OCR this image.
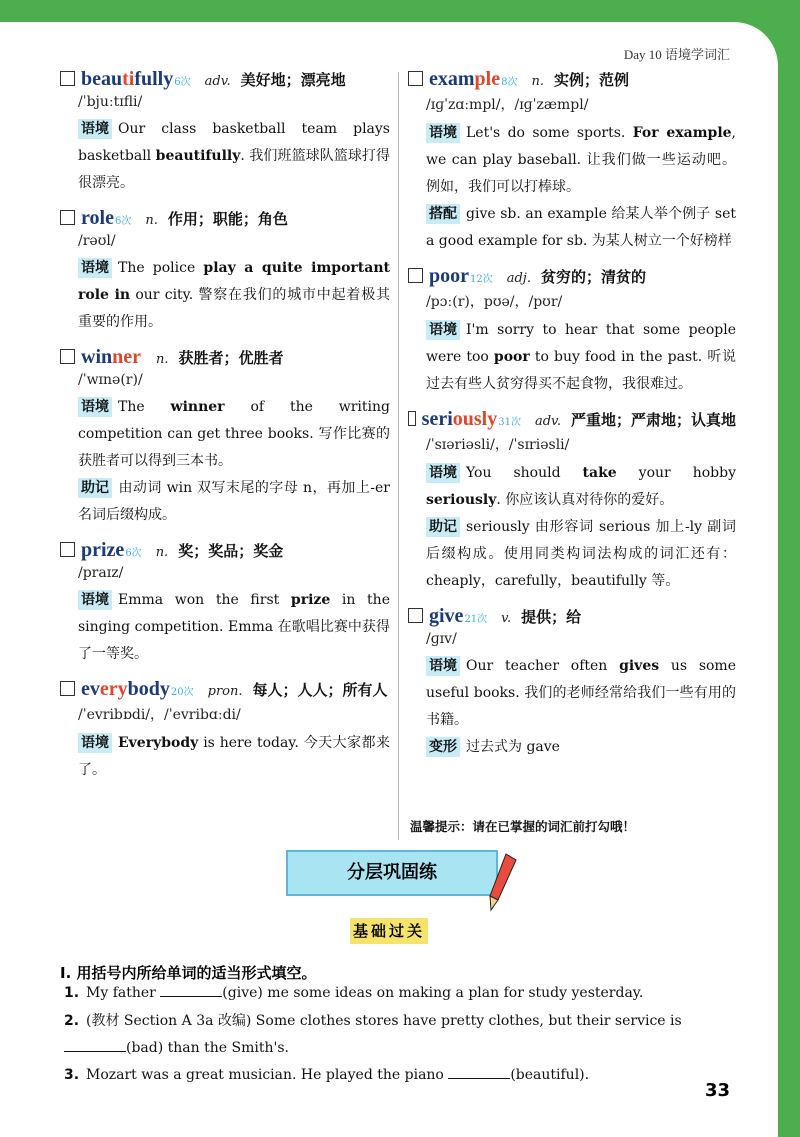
Day 10 语境学词汇
beautifully 6次 adv. 美好地；漂亮地
/ˈbjuːtɪfli/
语境 Our class basketball team plays basketball beautifully. 我们班篮球队篮球打得很漂亮。
role 6次 n. 作用；职能；角色
/rəʊl/
语境 The police play a quite important role in our city. 警察在我们的城市中起着极其重要的作用。
winner n. 获胜者；优胜者
/ˈwɪnə(r)/
语境 The winner of the writing competition can get three books. 写作比赛的获胜者可以得到三本书。
助记 由动词 win 双写末尾的字母 n，再加上-er 名词后缀构成。
prize 6次 n. 奖；奖品；奖金
/praɪz/
语境 Emma won the first prize in the singing competition. Emma 在歌唱比赛中获得了一等奖。
everybody 20次 pron. 每人；人人；所有人
/ˈevribɒdi/，/ˈevribɑːdi/
语境 Everybody is here today. 今天大家都来了。
example 8次 n. 实例；范例
/ɪɡˈzɑːmpl/，/ɪɡˈzæmpl/
语境 Let's do some sports. For example, we can play baseball. 让我们做一些运动吧。例如，我们可以打棒球。
搭配 give sb. an example 给某人举个例子 set a good example for sb. 为某人树立一个好榜样
poor 12次 adj. 贫穷的；清贫的
/pɔː(r)，pʊə/，/pʊr/
语境 I'm sorry to hear that some people were too poor to buy food in the past. 听说过去有些人贫穷得买不起食物，我很难过。
seriously 31次 adv. 严重地；严肃地；认真地
/ˈsɪəriəsli/，/ˈsɪriəsli/
语境 You should take your hobby seriously. 你应该认真对待你的爱好。
助记 seriously 由形容词 serious 加上-ly 副词后缀构成。使用同类构词法构成的词汇还有：cheaply，carefully，beautifully 等。
give 21次 v. 提供；给
/ɡɪv/
语境 Our teacher often gives us some useful books. 我们的老师经常给我们一些有用的书籍。
变形 过去式为 gave
温馨提示：请在已掌握的词汇前打勾哦！
分层巩固练
基础过关
Ⅰ. 用括号内所给单词的适当形式填空。
1. My father	(give) me some ideas on making a plan for study yesterday.
2. (教材 Section A 3a 改编) Some clothes stores have pretty clothes, but their service is (bad) than the Smith's.
3. Mozart was a great musician. He played the piano	(beautiful).
33
